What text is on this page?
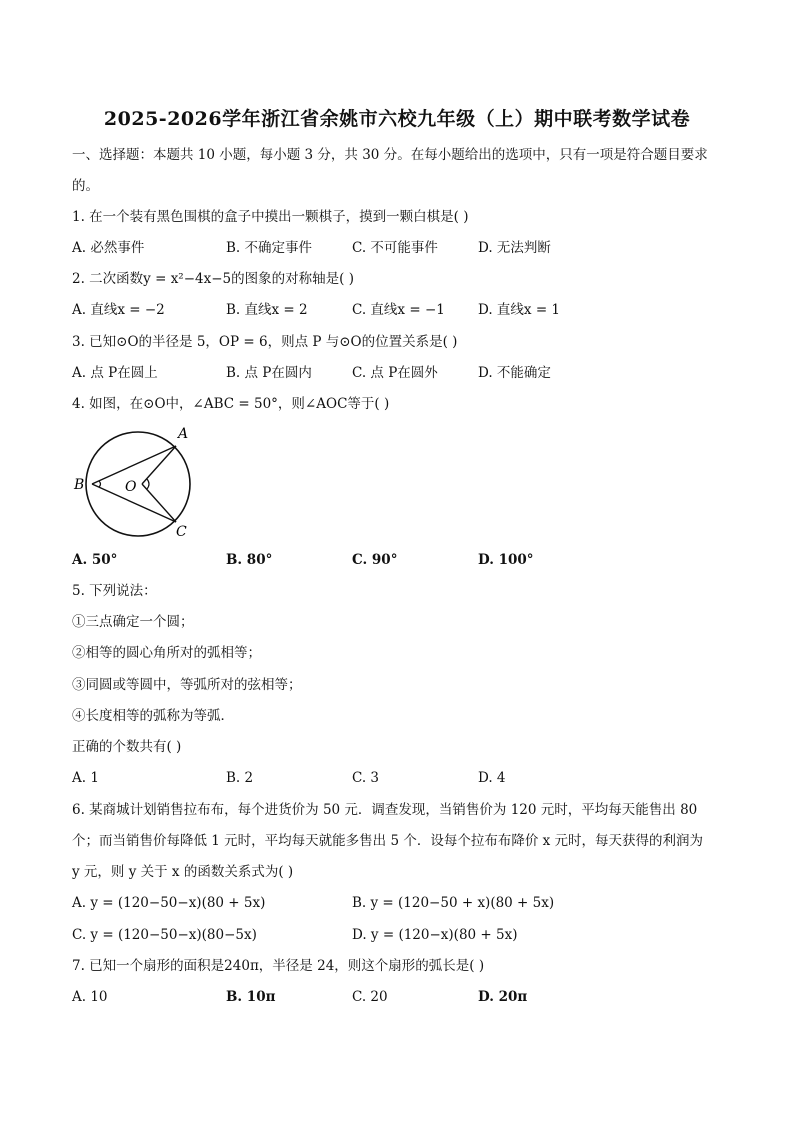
2025-2026学年浙江省余姚市六校九年级（上）期中联考数学试卷
一、选择题：本题共 10 小题，每小题 3 分，共 30 分。在每小题给出的选项中，只有一项是符合题目要求
的。
1. 在一个装有黑色围棋的盒子中摸出一颗棋子，摸到一颗白棋是( )
A. 必然事件	B. 不确定事件	C. 不可能事件	D. 无法判断
2. 二次函数y = x²−4x−5的图象的对称轴是( )
A. 直线x = −2	B. 直线x = 2	C. 直线x = −1 D. 直线x = 1
3. 已知⊙O的半径是 5，OP = 6，则点 P 与⊙O的位置关系是( )
A. 点 P在圆上	B. 点 P在圆内	C. 点 P在圆外	D. 不能确定
4. 如图，在⊙O中，∠ABC = 50°，则∠AOC等于( )
A
B
C
O
A. 50°	B. 80°	C. 90°	D. 100°
5. 下列说法：
①三点确定一个圆；
②相等的圆心角所对的弧相等；
③同圆或等圆中，等弧所对的弦相等；
④长度相等的弧称为等弧．
正确的个数共有( )
A. 1	B. 2	C. 3	D. 4
6. 某商城计划销售拉布布，每个进货价为 50 元．调查发现，当销售价为 120 元时，平均每天能售出 80
个；而当销售价每降低 1 元时，平均每天就能多售出 5 个．设每个拉布布降价 x 元时，每天获得的利润为
y 元，则 y 关于 x 的函数关系式为( )
A. y = (120−50−x)(80 + 5x)	B. y = (120−50 + x)(80 + 5x)
C. y = (120−50−x)(80−5x)	D. y = (120−x)(80 + 5x)
7. 已知一个扇形的面积是240π，半径是 24，则这个扇形的弧长是( )
A. 10	B. 10π	C. 20	D. 20π
